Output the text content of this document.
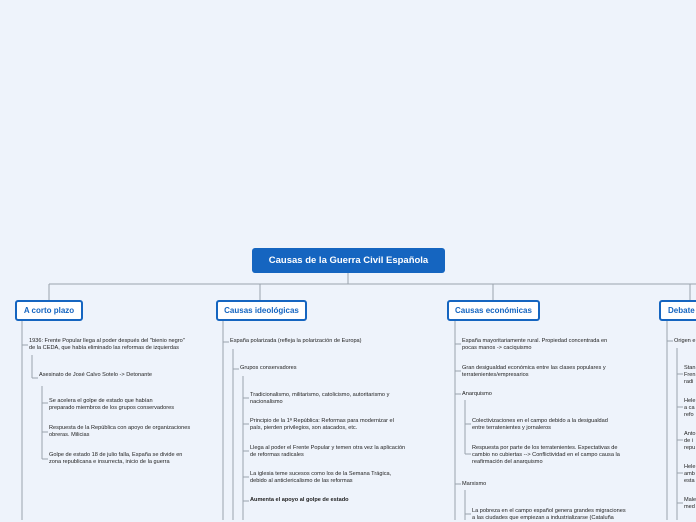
Causas de la Guerra Civil Española
A corto plazo	Causas ideológicas	Causas económicas	Debate
1936: Frente Popular llega al poder después del "bienio negro"
de la CEDA, que había eliminado las reformas de izquierdas
Asesinato de José Calvo Sotelo -> Detonante
Se acelera el golpe de estado que habían
preparado miembros de los grupos conservadores
Respuesta de la República con apoyo de organizaciones
obreras. Milicias
Golpe de estado 18 de julio falla, España se divide en
zona republicana e insurrecta, inicio de la guerra
España polarizada (refleja la polarización de Europa)
Grupos conservadores
Tradicionalismo, militarismo, catolicismo, autoritarismo y
nacionalismo
Principio de la 1ª República: Reformas para modernizar el
país, pierden privilegios, son atacados, etc.
Llega al poder el Frente Popular y temen otra vez la aplicación
de reformas radicales
La iglesia teme sucesos como los de la Semana Trágica,
debido al anticlericalismo de las reformas
Aumenta el apoyo al golpe de estado
España mayoritariamente rural. Propiedad concentrada en
pocas manos -> caciquismo
Gran desigualdad económica entre las clases populares y
terratenientes/empresarios
Anarquismo
Colectivizaciones en el campo debido a la desigualdad
entre terratenientes y jornaleros
Respuesta por parte de los terratenientes. Expectativas de
cambio no cubiertas --> Conflictividad en el campo causa la
reafirmación del anarquismo
Marxismo
La pobreza en el campo español genera grandes migraciones
a las ciudades que empiezan a industrializarse (Cataluña
Origen e
Stan
Fren
radi
Hele
a ca
refo
Anto
de i
repu
Hele
amb
esta
Male
med
